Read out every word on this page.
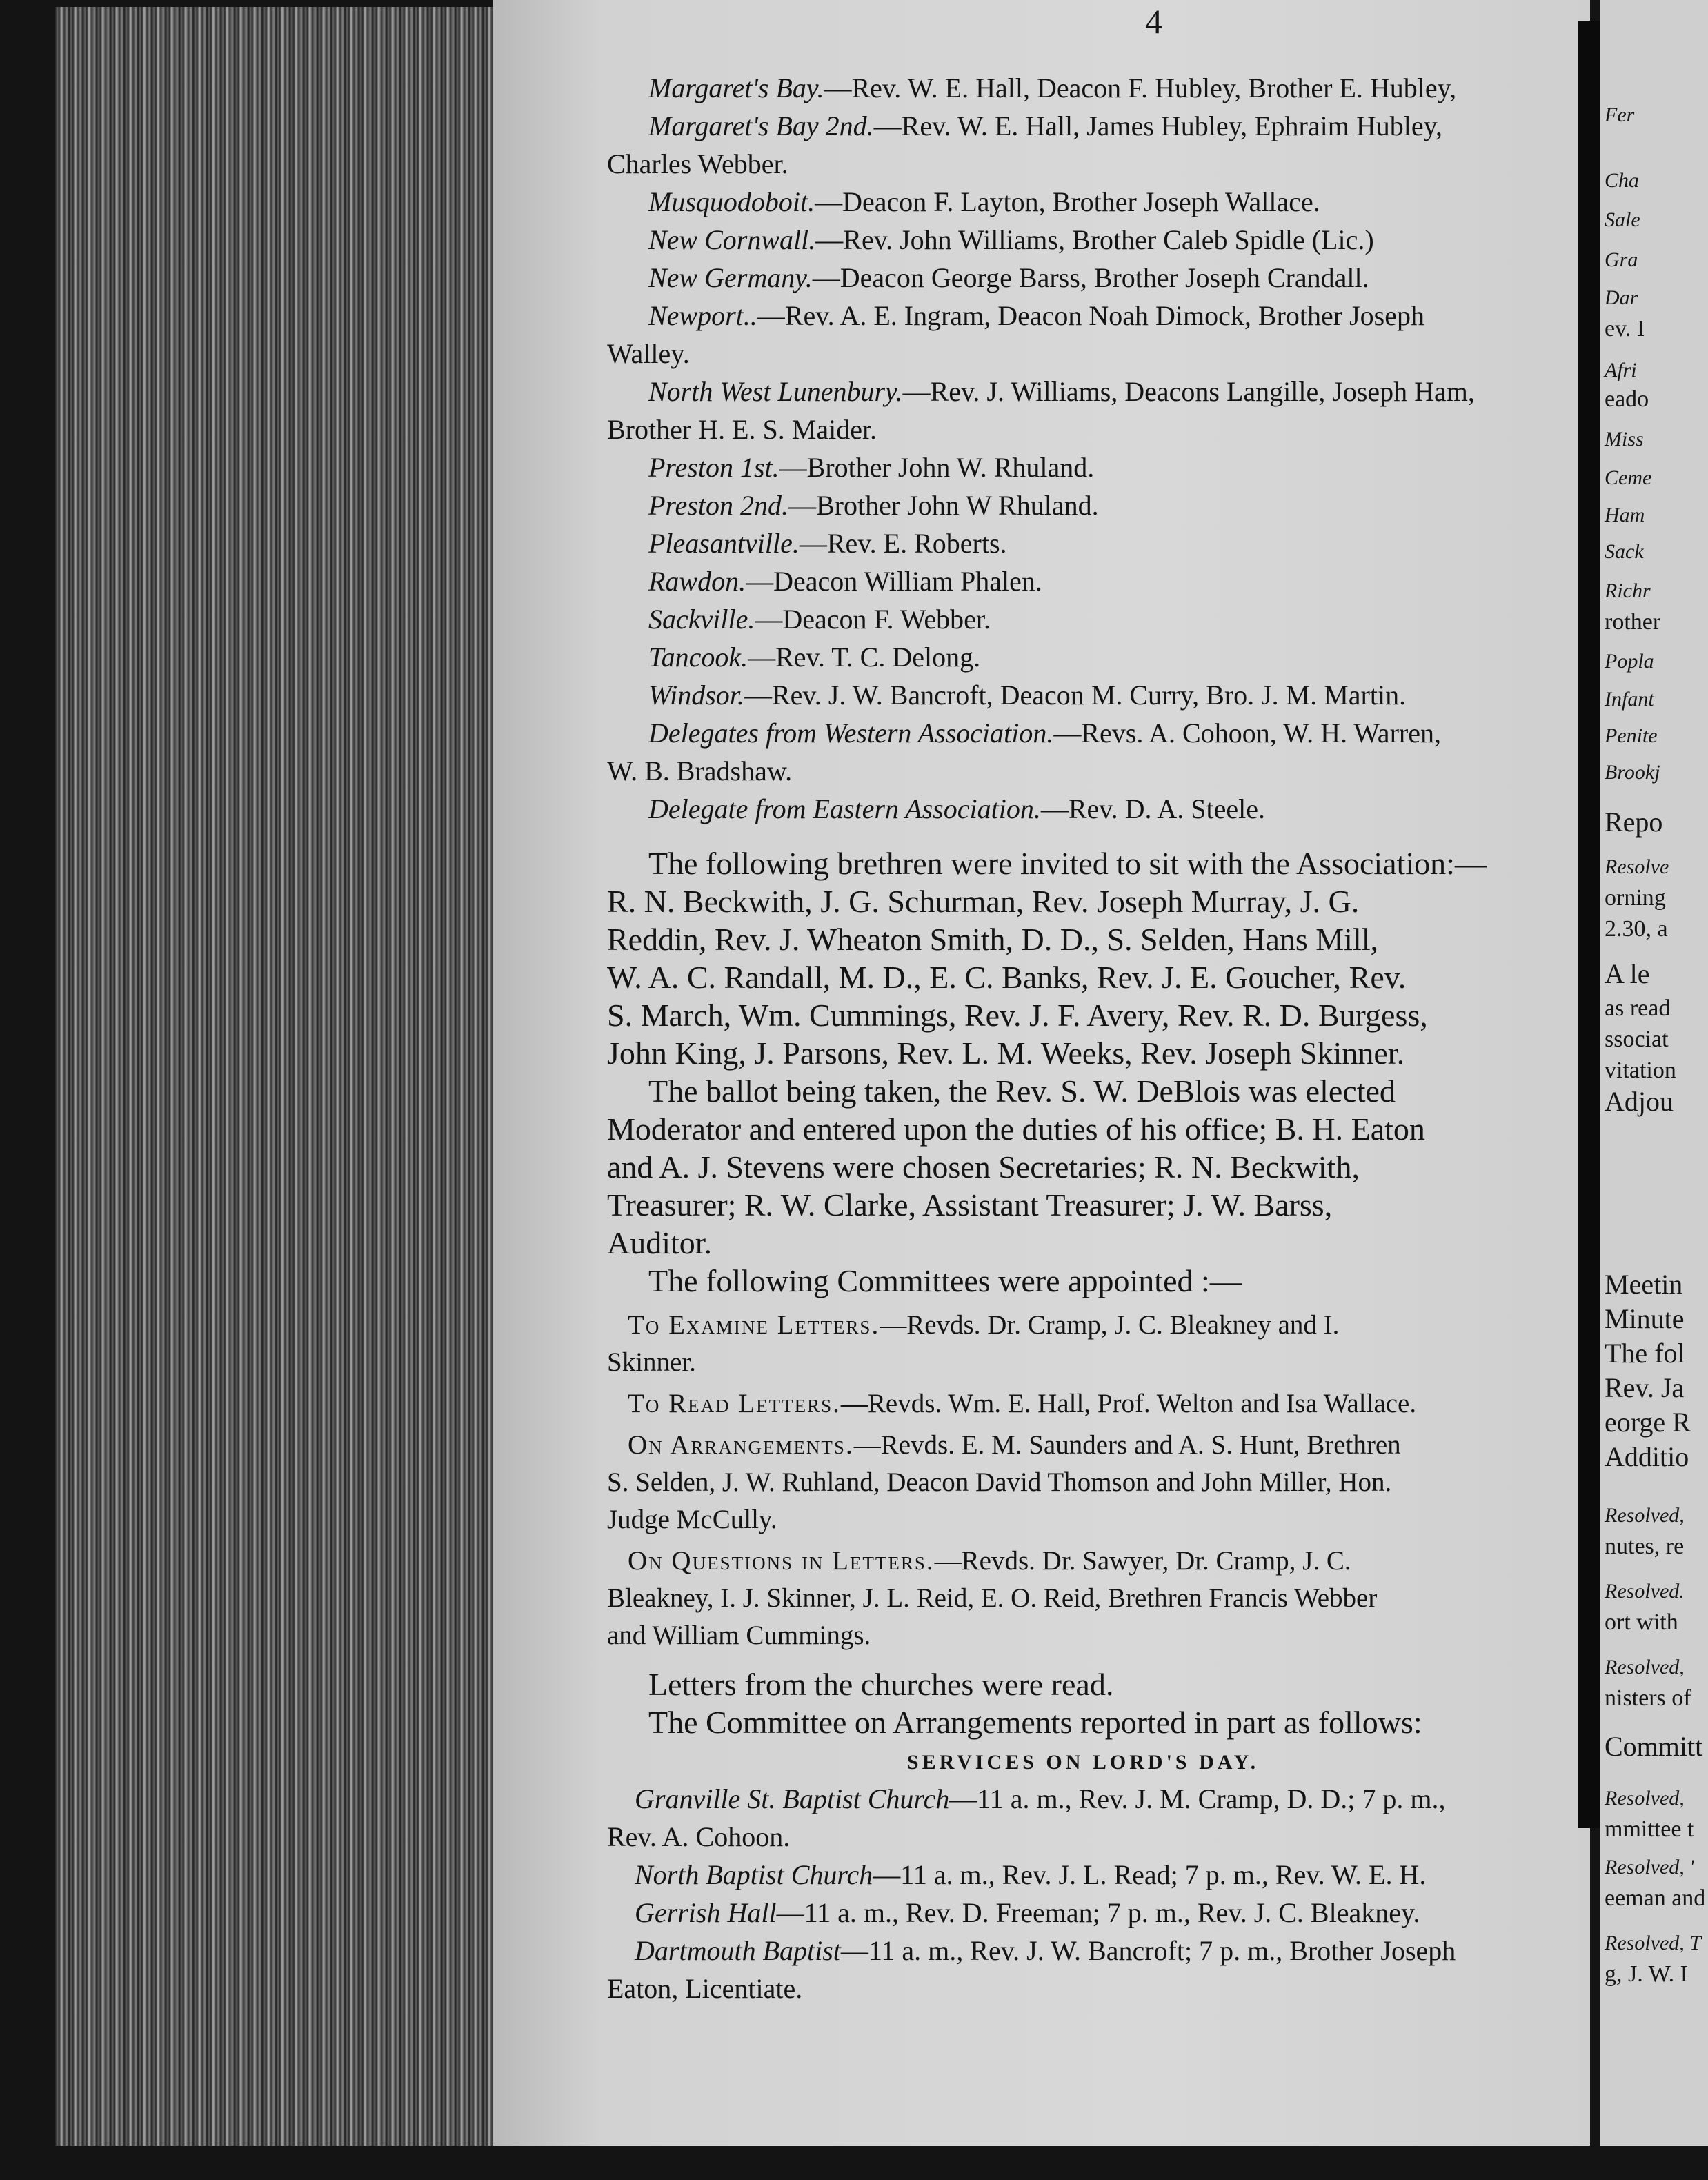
4
Margaret's Bay.—Rev. W. E. Hall, Deacon F. Hubley, Brother E. Hubley,
Margaret's Bay 2nd.—Rev. W. E. Hall, James Hubley, Ephraim Hubley,
Charles Webber.
Musquodoboit.—Deacon F. Layton, Brother Joseph Wallace.
New Cornwall.—Rev. John Williams, Brother Caleb Spidle (Lic.)
New Germany.—Deacon George Barss, Brother Joseph Crandall.
Newport..—Rev. A. E. Ingram, Deacon Noah Dimock, Brother Joseph
Walley.
North West Lunenbury.—Rev. J. Williams, Deacons Langille, Joseph Ham,
Brother H. E. S. Maider.
Preston 1st.—Brother John W. Rhuland.
Preston 2nd.—Brother John W Rhuland.
Pleasantville.—Rev. E. Roberts.
Rawdon.—Deacon William Phalen.
Sackville.—Deacon F. Webber.
Tancook.—Rev. T. C. Delong.
Windsor.—Rev. J. W. Bancroft, Deacon M. Curry, Bro. J. M. Martin.
Delegates from Western Association.—Revs. A. Cohoon, W. H. Warren,
W. B. Bradshaw.
Delegate from Eastern Association.—Rev. D. A. Steele.
The following brethren were invited to sit with the Association:—
R. N. Beckwith, J. G. Schurman, Rev. Joseph Murray, J. G.
Reddin, Rev. J. Wheaton Smith, D. D., S. Selden, Hans Mill,
W. A. C. Randall, M. D., E. C. Banks, Rev. J. E. Goucher, Rev.
S. March, Wm. Cummings, Rev. J. F. Avery, Rev. R. D. Burgess,
John King, J. Parsons, Rev. L. M. Weeks, Rev. Joseph Skinner.
The ballot being taken, the Rev. S. W. DeBlois was elected
Moderator and entered upon the duties of his office; B. H. Eaton
and A. J. Stevens were chosen Secretaries; R. N. Beckwith,
Treasurer; R. W. Clarke, Assistant Treasurer; J. W. Barss,
Auditor.
The following Committees were appointed :—
To Examine Letters.—Revds. Dr. Cramp, J. C. Bleakney and I.
Skinner.
To Read Letters.—Revds. Wm. E. Hall, Prof. Welton and Isa Wallace.
On Arrangements.—Revds. E. M. Saunders and A. S. Hunt, Brethren
S. Selden, J. W. Ruhland, Deacon David Thomson and John Miller, Hon.
Judge McCully.
On Questions in Letters.—Revds. Dr. Sawyer, Dr. Cramp, J. C.
Bleakney, I. J. Skinner, J. L. Reid, E. O. Reid, Brethren Francis Webber
and William Cummings.
Letters from the churches were read.
The Committee on Arrangements reported in part as follows:
SERVICES ON LORD'S DAY.
Granville St. Baptist Church—11 a. m., Rev. J. M. Cramp, D. D.; 7 p. m.,
Rev. A. Cohoon.
North Baptist Church—11 a. m., Rev. J. L. Read; 7 p. m., Rev. W. E. H.
Gerrish Hall—11 a. m., Rev. D. Freeman; 7 p. m., Rev. J. C. Bleakney.
Dartmouth Baptist—11 a. m., Rev. J. W. Bancroft; 7 p. m., Brother Joseph
Eaton, Licentiate.
Fer
Cha
Sale
Gra
Dar
ev. I
Afri
eado
Miss
Ceme
Ham
Sack
Richr
rother
Popla
Infant
Penite
Brookj
Repo
Resolve
orning
2.30, a
A le
as read
ssociat
vitation
Adjou
Meetin
Minute
The fol
Rev. Ja
eorge R
Additio
Resolved,
nutes, re
Resolved.
ort with
Resolved,
nisters of
Committ
Resolved,
mmittee t
Resolved, '
eeman and
Resolved, T
g, J. W. I
